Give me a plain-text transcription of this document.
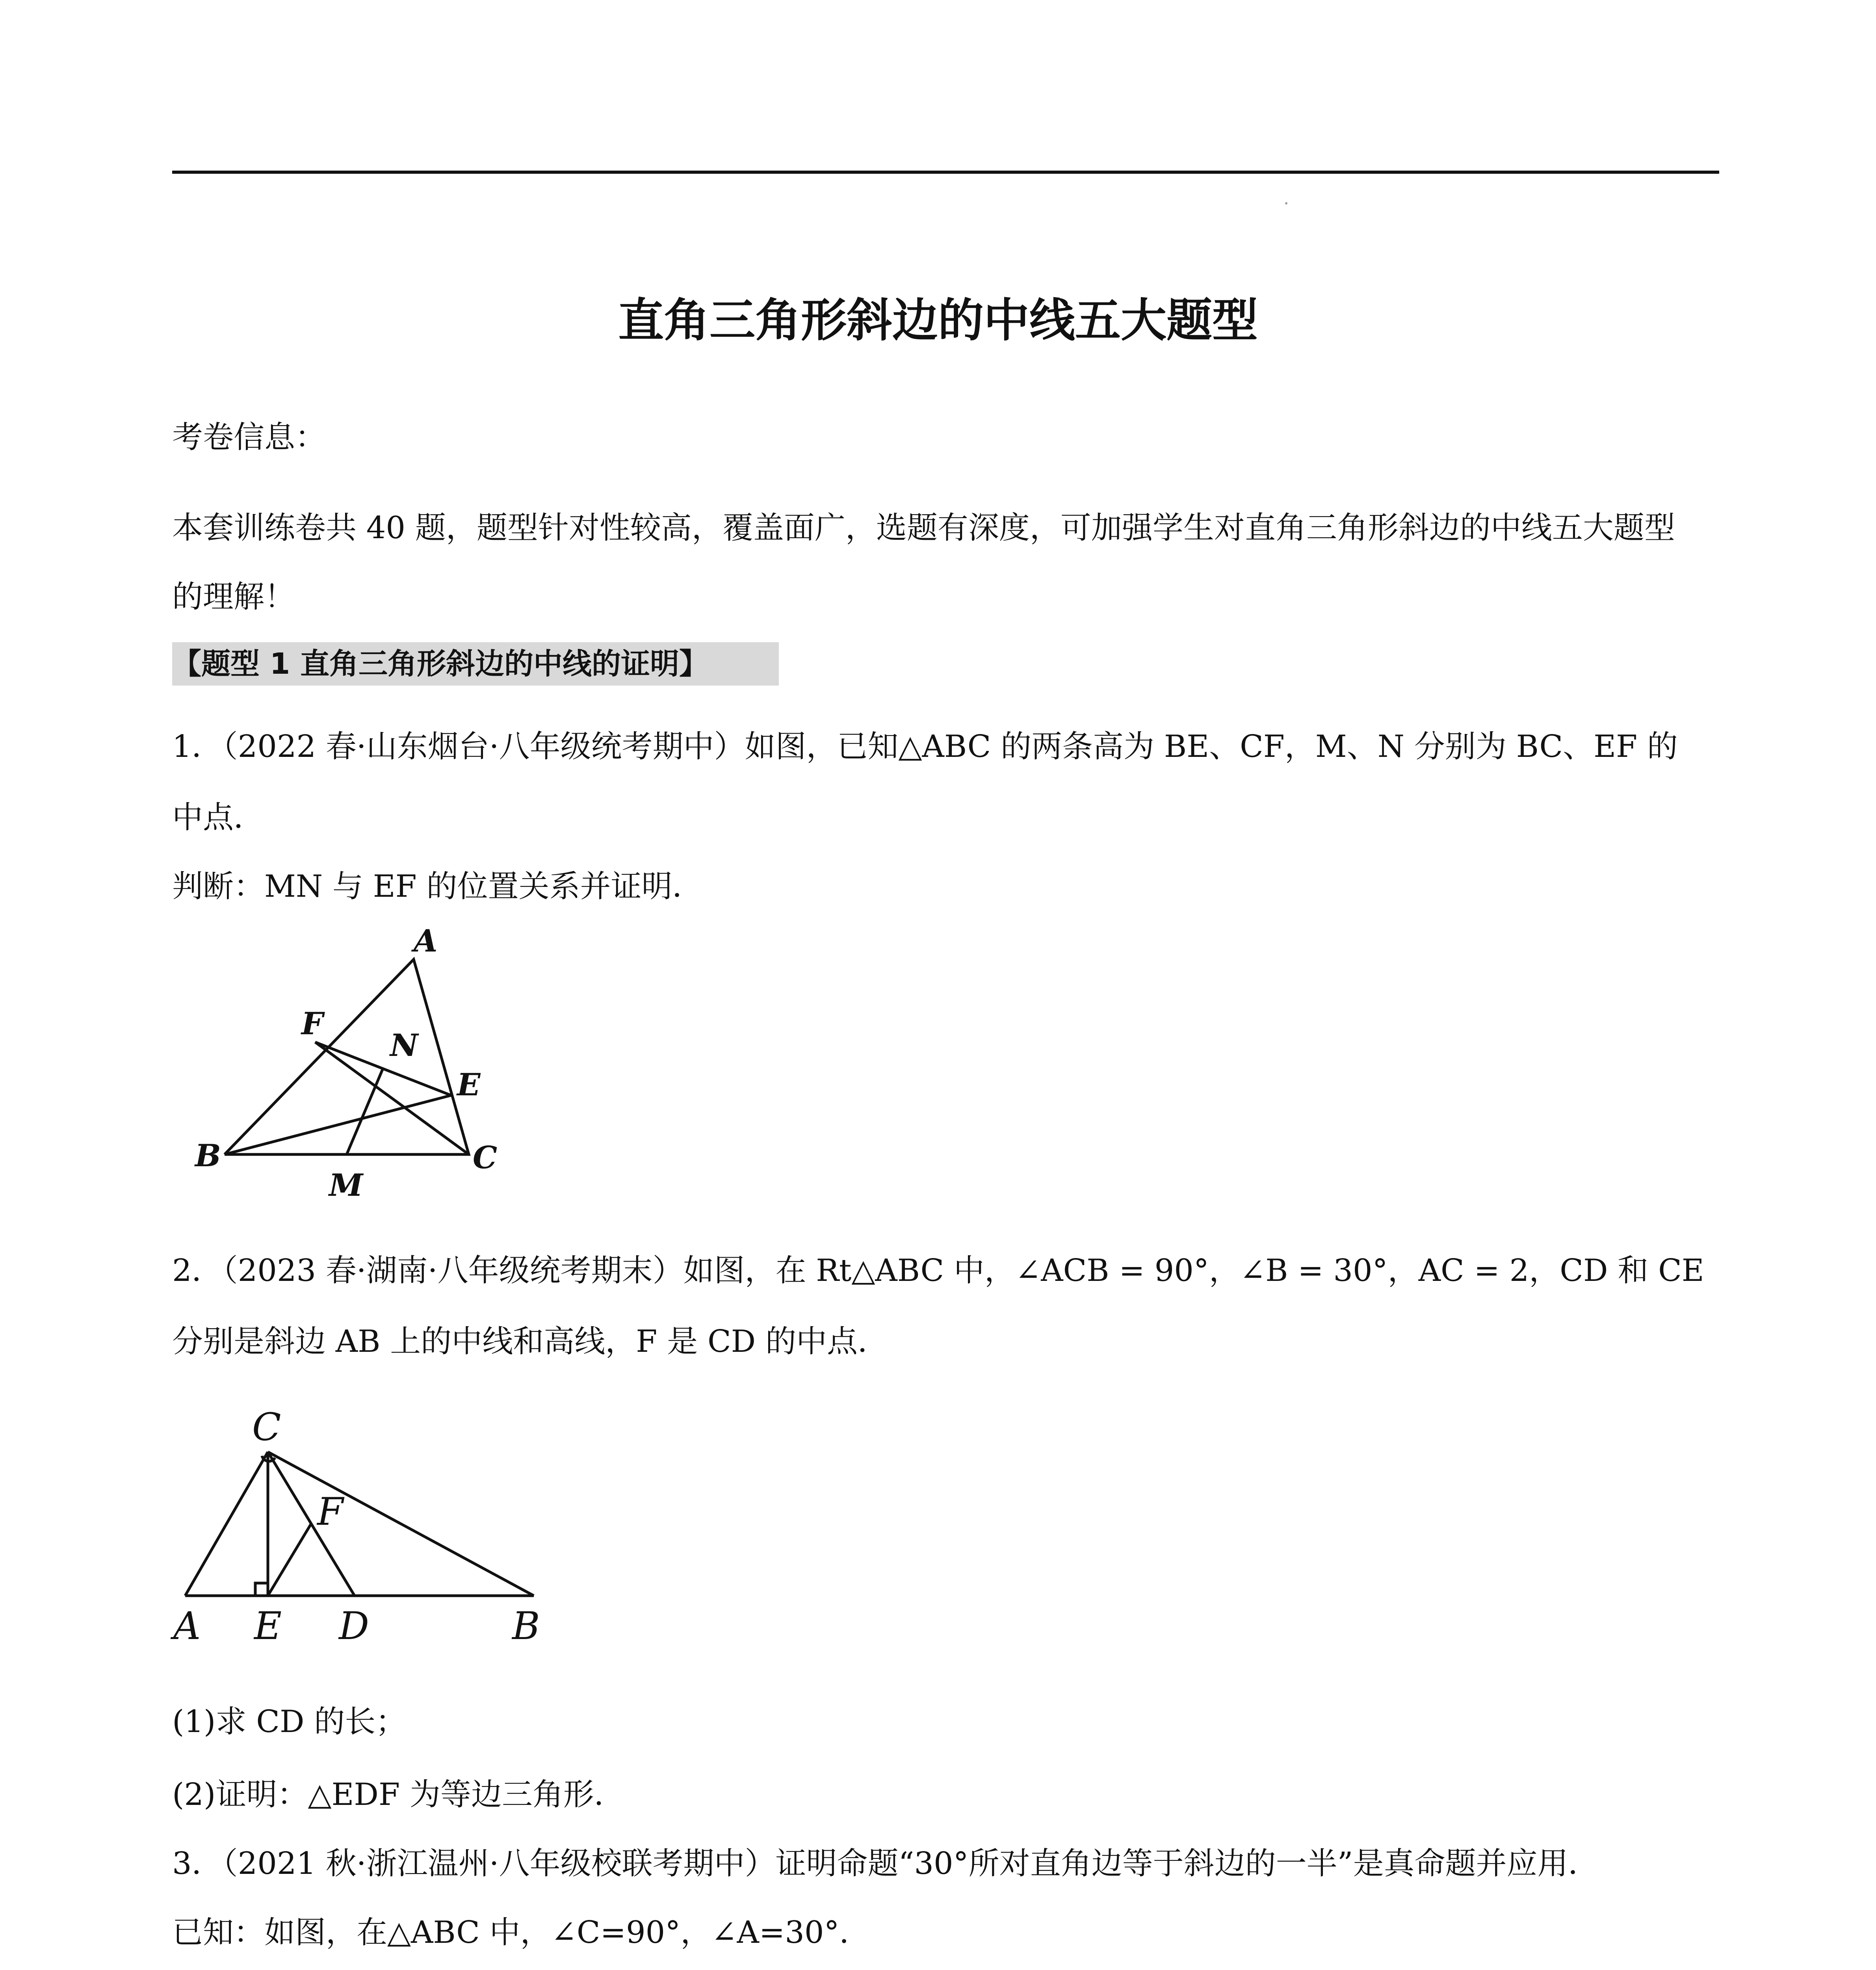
直角三角形斜边的中线五大题型
考卷信息：
本套训练卷共 40 题，题型针对性较高，覆盖面广，选题有深度，可加强学生对直角三角形斜边的中线五大题型
的理解！
【题型 1 直角三角形斜边的中线的证明】
1．（2022 春·山东烟台·八年级统考期中）如图，已知△ABC 的两条高为 BE、CF，M、N 分别为 BC、EF 的
中点．
判断：MN 与 EF 的位置关系并证明．
A
B	C
E
F
M
N
2．（2023 春·湖南·八年级统考期末）如图，在 Rt△ABC 中，∠ACB = 90°，∠B = 30°，AC = 2，CD 和 CE
分别是斜边 AB 上的中线和高线，F 是 CD 的中点．
A E D	B
C
F
(1)求 CD 的长；
(2)证明：△EDF 为等边三角形．
3．（2021 秋·浙江温州·八年级校联考期中）证明命题“30°所对直角边等于斜边的一半”是真命题并应用．
已知：如图，在△ABC 中，∠C=90°，∠A=30°．
